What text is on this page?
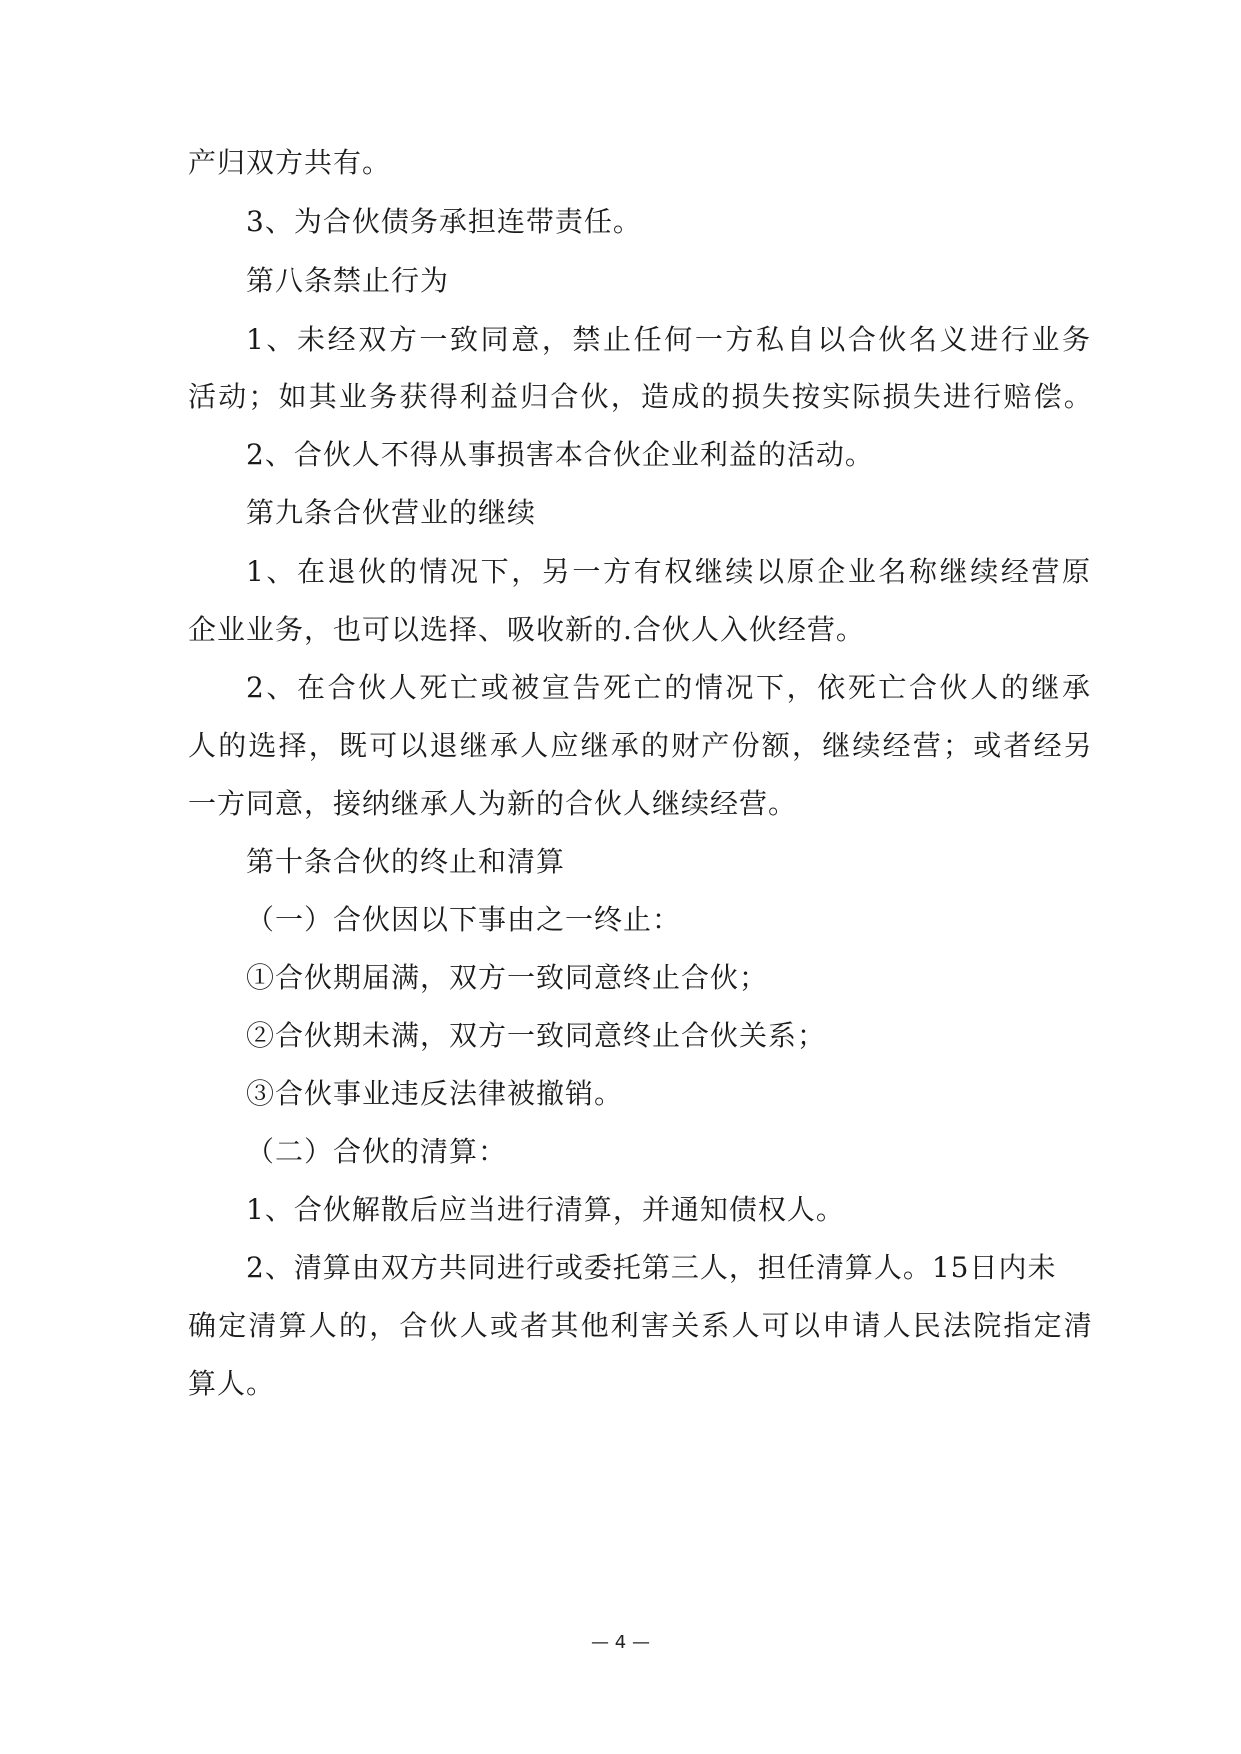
产归双方共有。
3、为合伙债务承担连带责任。
第八条禁止行为
1、未经双方一致同意，禁止任何一方私自以合伙名义进行业务
活动；如其业务获得利益归合伙，造成的损失按实际损失进行赔偿。
2、合伙人不得从事损害本合伙企业利益的活动。
第九条合伙营业的继续
1、在退伙的情况下，另一方有权继续以原企业名称继续经营原
企业业务，也可以选择、吸收新的.合伙人入伙经营。
2、在合伙人死亡或被宣告死亡的情况下，依死亡合伙人的继承
人的选择，既可以退继承人应继承的财产份额，继续经营；或者经另
一方同意，接纳继承人为新的合伙人继续经营。
第十条合伙的终止和清算
（一）合伙因以下事由之一终止：
①合伙期届满，双方一致同意终止合伙；
②合伙期未满，双方一致同意终止合伙关系；
③合伙事业违反法律被撤销。
（二）合伙的清算：
1、合伙解散后应当进行清算，并通知债权人。
2、清算由双方共同进行或委托第三人，担任清算人。15日内未
确定清算人的，合伙人或者其他利害关系人可以申请人民法院指定清
算人。
— 4 —
